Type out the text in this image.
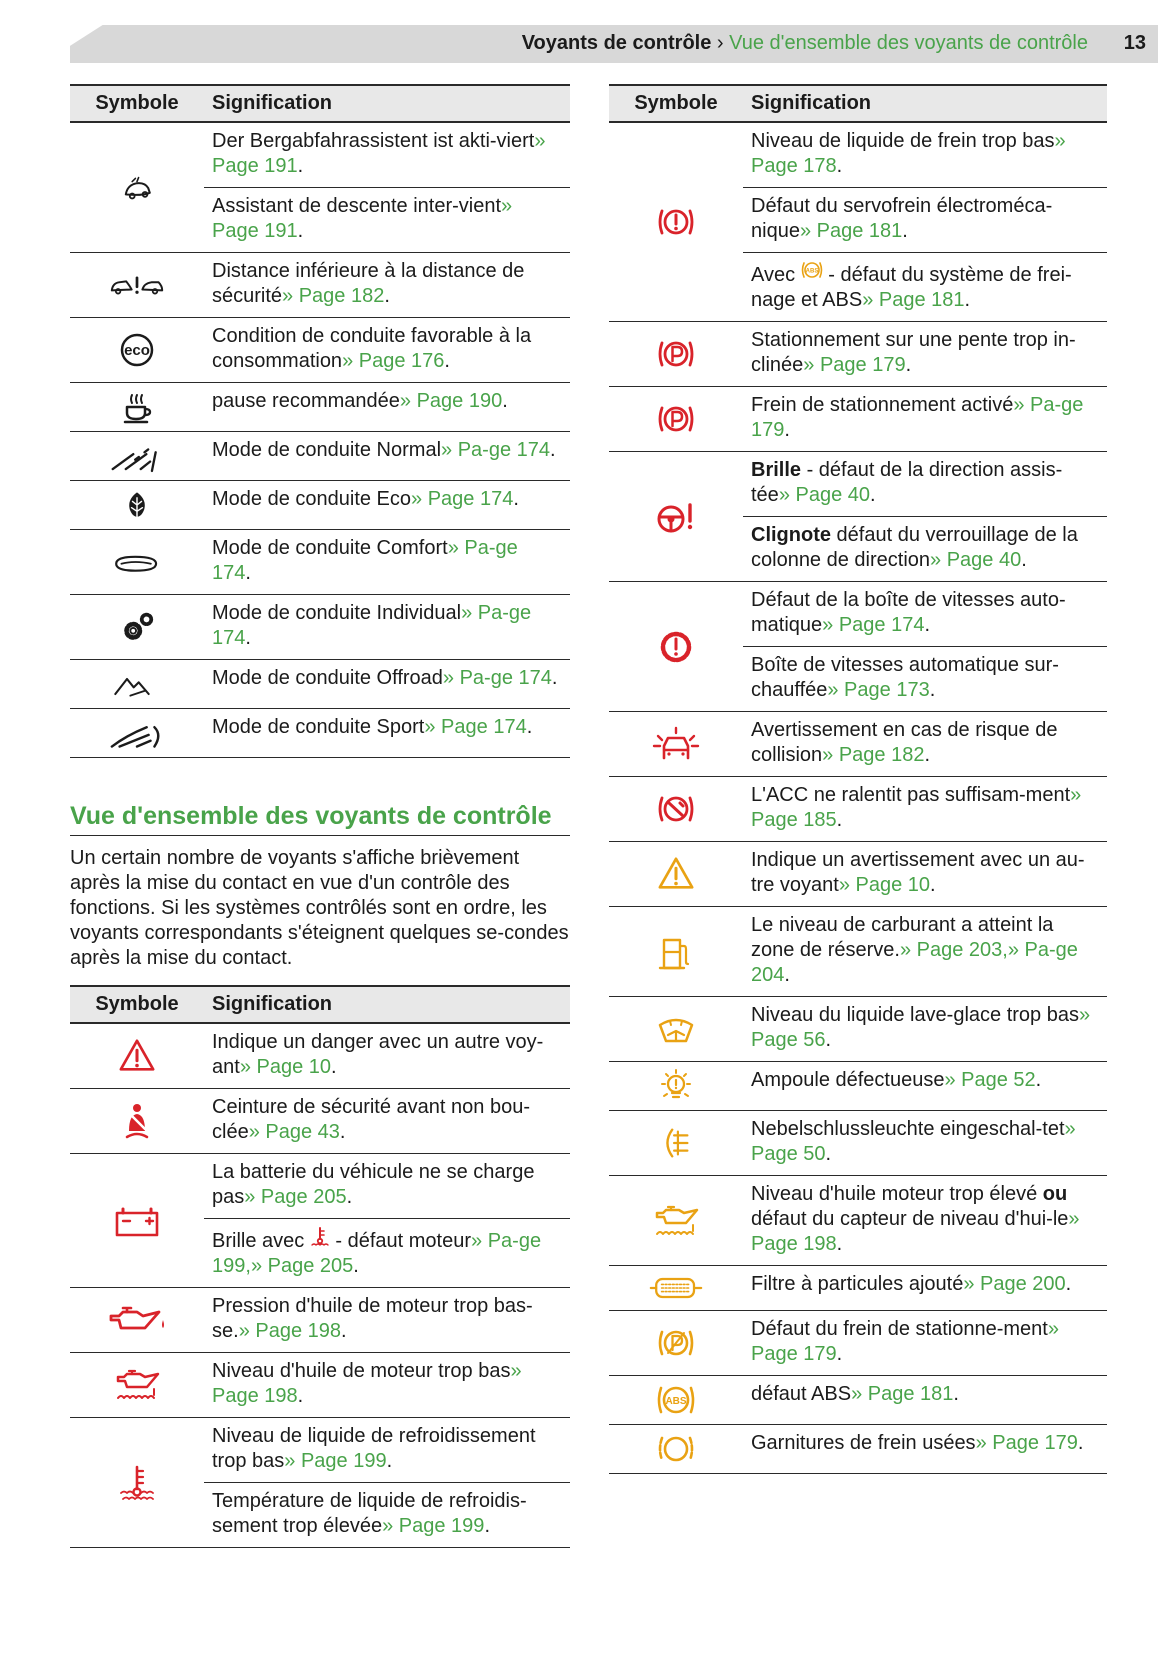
Voyants de contrôle › Vue d'ensemble des voyants de contrôle 13
Symbole	Signification
	Der Bergabfahrassistent ist akti-viert» Page 191.
	Assistant de descente inter-vient» Page 191.
	Distance inférieure à la distance de sécurité» Page 182.

eco	Condition de conduite favorable à la consommation» Page 176.
	pause recommandée» Page 190.
	Mode de conduite Normal» Pa-ge 174.
	Mode de conduite Eco» Page 174.
	Mode de conduite Comfort» Pa-ge 174.
	Mode de conduite Individual» Pa-ge 174.
	Mode de conduite Offroad» Pa-ge 174.
	Mode de conduite Sport» Page 174.
Vue d'ensemble des voyants de contrôle

Un certain nombre de voyants s'affiche brièvement après la mise du contact en vue d'un contrôle des fonctions. Si les systèmes contrôlés sont en ordre, les voyants correspondants s'éteignent quelques se-condes après la mise du contact.

Symbole	Signification
	Indique un danger avec un autre voy-ant» Page 10.
	Ceinture de sécurité avant non bou-clée» Page 43.
	La batterie du véhicule ne se charge pas» Page 205.
	Brille avec  - défaut moteur» Pa-ge 199,» Page 205.
	Pression d'huile de moteur trop bas-se.» Page 198.
	Niveau d'huile de moteur trop bas» Page 198.
	Niveau de liquide de refroidissement trop bas» Page 199.
	Température de liquide de refroidis-sement trop élevée» Page 199.
Symbole	Signification
	Niveau de liquide de frein trop bas» Page 178.
	Défaut du servofrein électroméca-nique» Page 181.
	Avec ABS - défaut du système de frei-nage et ABS» Page 181.
	Stationnement sur une pente trop in-clinée» Page 179.
	Frein de stationnement activé» Pa-ge 179.
	Brille - défaut de la direction assis-tée» Page 40.
	Clignote défaut du verrouillage de la colonne de direction» Page 40.
	Défaut de la boîte de vitesses auto-matique» Page 174.
	Boîte de vitesses automatique sur-chauffée» Page 173.
	Avertissement en cas de risque de collision» Page 182.
	L'ACC ne ralentit pas suffisam-ment» Page 185.
	Indique un avertissement avec un au-tre voyant» Page 10.
	Le niveau de carburant a atteint la zone de réserve.» Page 203,» Pa-ge 204.
	Niveau du liquide lave-glace trop bas» Page 56.
	Ampoule défectueuse» Page 52.
	Nebelschlussleuchte eingeschal-tet» Page 50.
	Niveau d'huile moteur trop élevé ou défaut du capteur de niveau d'hui-le» Page 198.
	Filtre à particules ajouté» Page 200.
	Défaut du frein de stationne-ment» Page 179.

ABS	défaut ABS» Page 181.
	Garnitures de frein usées» Page 179.
